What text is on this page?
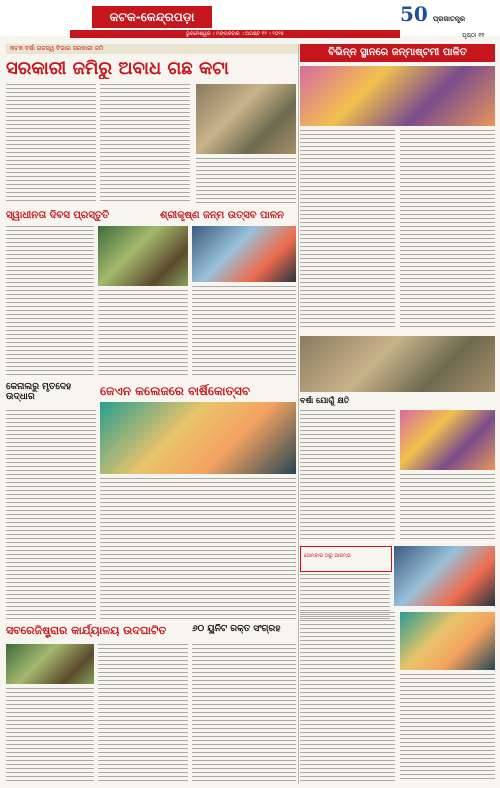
କଟକ-କେନ୍ଦ୍ରପଡ଼ା
ଭୁବନେଶ୍ୱର । ମଙ୍ଗଳବାର । ଅଗଷ୍ଟ ୧୨ । ୨୦୨୫
50 ପ୍ରଜାତନ୍ତ୍ର
ପୃଷ୍ଠା ୧୧
କଟକ ବର୍ଷା ରାଜସ୍ୱ ବିଭାଗ ସରକାରୀ ଜମି
ସରକାରୀ ଜମିରୁ ଅବାଧ ଗଛ କଟା
ବିଭିନ୍ନ ସ୍ଥାନରେ ଜନ୍ମାଷ୍ଟମୀ ପାଳିତ
ସ୍ୱାଧୀନତା ଦିବସ ପ୍ରସ୍ତୁତି	ଶ୍ରୀକୃଷ୍ଣ ଜନ୍ମ ଉତ୍ସବ ପାଳନ
କେନାଲରୁ ମୃତଦେହ ଉଦ୍ଧାର	ଜେଏନ କଲେଜରେ ବାର୍ଷିକୋତ୍ସବ
ବର୍ଷା ଯୋଗୁଁ କ୍ଷତି
ସୋମବାର ଠାରୁ ଆରମ୍ଭ
ସବରେଜିଷ୍ଟ୍ରାର କାର୍ଯ୍ୟାଳୟ ଉଦଘାଟିତ	୬୦ ୟୁନିଟ ରକ୍ତ ସଂଗ୍ରହ
